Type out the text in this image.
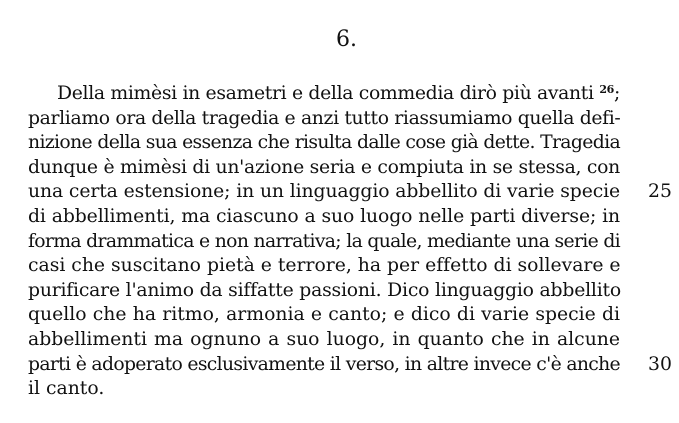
6.
Della mimèsi in esametri e della commedia dirò più avanti $^{26}$;
parliamo ora della tragedia e anzi tutto riassumiamo quella defi-
nizione della sua essenza che risulta dalle cose già dette. Tragedia
dunque è mimèsi di un'azione seria e compiuta in se stessa, con
una certa estensione; in un linguaggio abbellito di varie specie 25
di abbellimenti, ma ciascuno a suo luogo nelle parti diverse; in
forma drammatica e non narrativa; la quale, mediante una serie di
casi che suscitano pietà e terrore, ha per effetto di sollevare e
purificare l'animo da siffatte passioni. Dico linguaggio abbellito
quello che ha ritmo, armonia e canto; e dico di varie specie di
abbellimenti ma ognuno a suo luogo, in quanto che in alcune
parti è adoperato esclusivamente il verso, in altre invece c'è anche 30
il canto.
